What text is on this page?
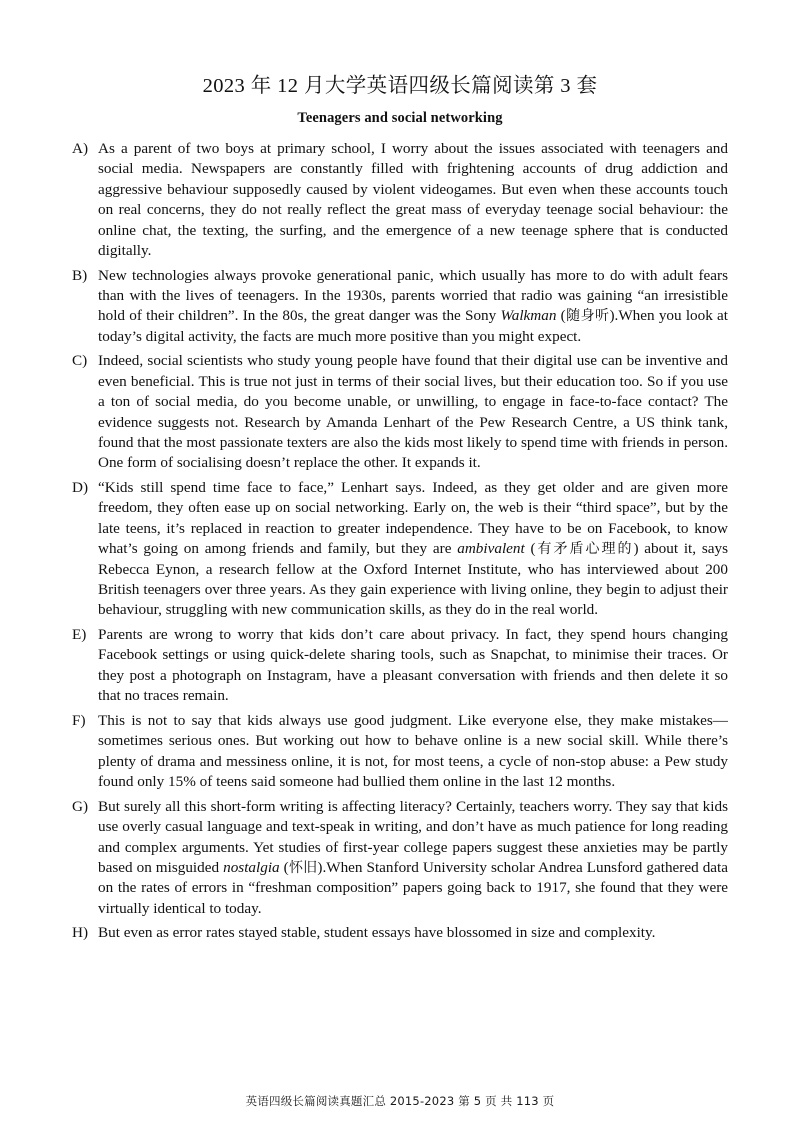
2023 年 12 月大学英语四级长篇阅读第 3 套
Teenagers and social networking
A) As a parent of two boys at primary school, I worry about the issues associated with teenagers and social media. Newspapers are constantly filled with frightening accounts of drug addiction and aggressive behaviour supposedly caused by violent videogames. But even when these accounts touch on real concerns, they do not really reflect the great mass of everyday teenage social behaviour: the online chat, the texting, the surfing, and the emergence of a new teenage sphere that is conducted digitally.
B) New technologies always provoke generational panic, which usually has more to do with adult fears than with the lives of teenagers. In the 1930s, parents worried that radio was gaining “an irresistible hold of their children”. In the 80s, the great danger was the Sony Walkman (随身听).When you look at today’s digital activity, the facts are much more positive than you might expect.
C) Indeed, social scientists who study young people have found that their digital use can be inventive and even beneficial. This is true not just in terms of their social lives, but their education too. So if you use a ton of social media, do you become unable, or unwilling, to engage in face-to-face contact? The evidence suggests not. Research by Amanda Lenhart of the Pew Research Centre, a US think tank, found that the most passionate texters are also the kids most likely to spend time with friends in person. One form of socialising doesn’t replace the other. It expands it.
D) “Kids still spend time face to face,” Lenhart says. Indeed, as they get older and are given more freedom, they often ease up on social networking. Early on, the web is their “third space”, but by the late teens, it’s replaced in reaction to greater independence. They have to be on Facebook, to know what’s going on among friends and family, but they are ambivalent (有矛盾心理的) about it, says Rebecca Eynon, a research fellow at the Oxford Internet Institute, who has interviewed about 200 British teenagers over three years. As they gain experience with living online, they begin to adjust their behaviour, struggling with new communication skills, as they do in the real world.
E) Parents are wrong to worry that kids don’t care about privacy. In fact, they spend hours changing Facebook settings or using quick-delete sharing tools, such as Snapchat, to minimise their traces. Or they post a photograph on Instagram, have a pleasant conversation with friends and then delete it so that no traces remain.
F) This is not to say that kids always use good judgment. Like everyone else, they make mistakes—sometimes serious ones. But working out how to behave online is a new social skill. While there’s plenty of drama and messiness online, it is not, for most teens, a cycle of non-stop abuse: a Pew study found only 15% of teens said someone had bullied them online in the last 12 months.
G) But surely all this short-form writing is affecting literacy? Certainly, teachers worry. They say that kids use overly casual language and text-speak in writing, and don’t have as much patience for long reading and complex arguments. Yet studies of first-year college papers suggest these anxieties may be partly based on misguided nostalgia (怀旧).When Stanford University scholar Andrea Lunsford gathered data on the rates of errors in “freshman composition” papers going back to 1917, she found that they were virtually identical to today.
H) But even as error rates stayed stable, student essays have blossomed in size and complexity.
英语四级长篇阅读真题汇总 2015-2023 第 5 页 共 113 页
